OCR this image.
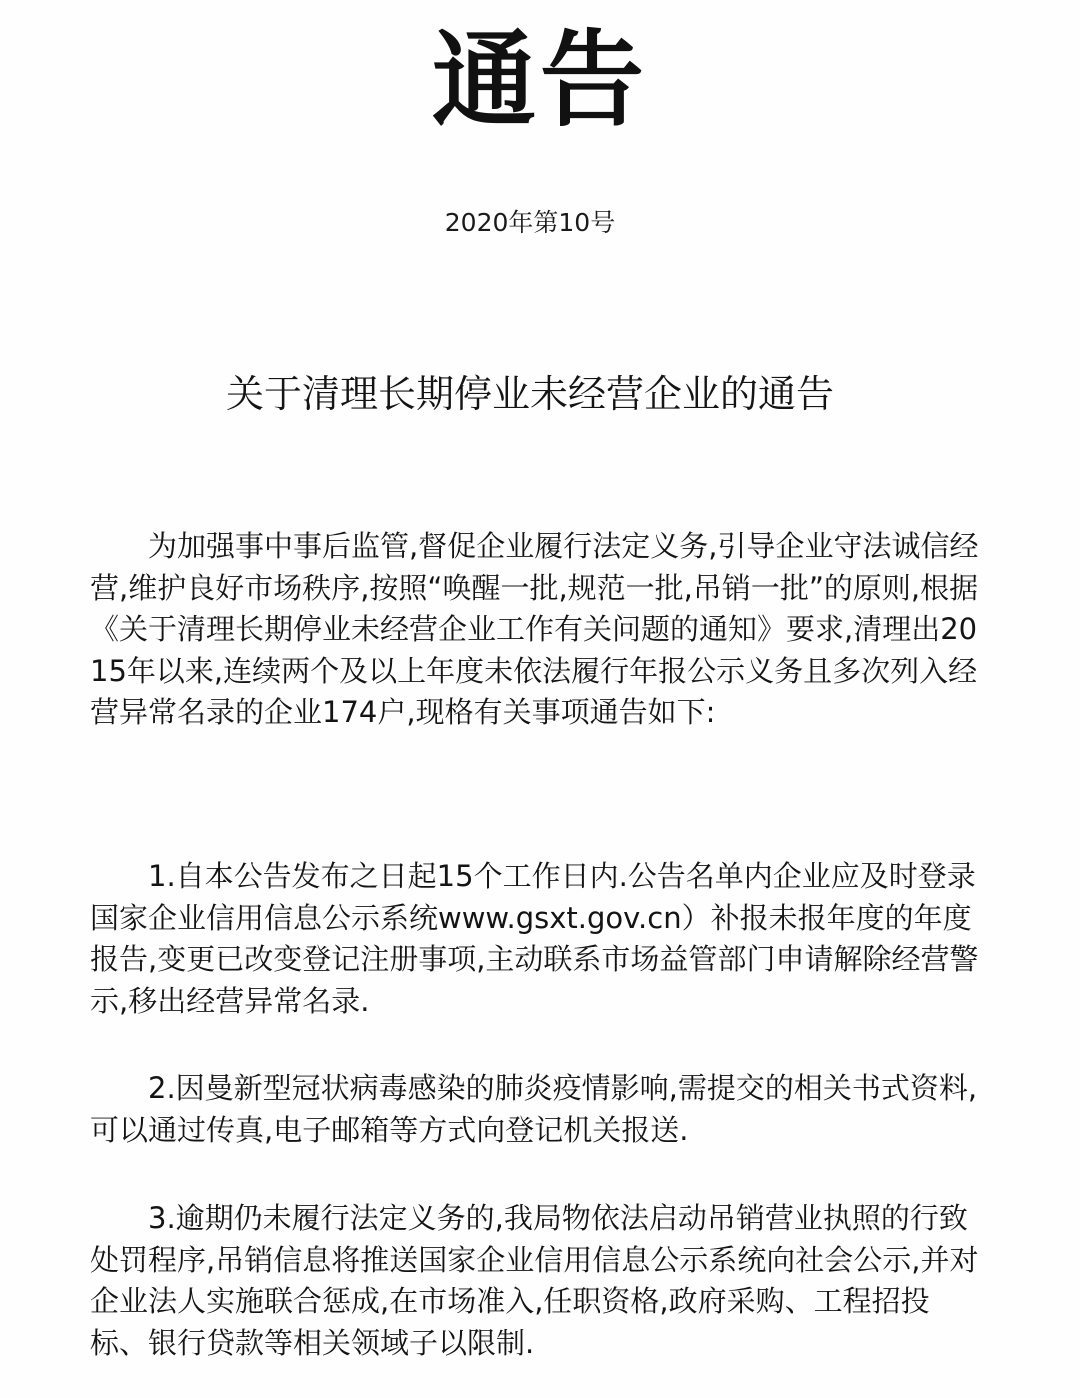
通告
2020年第10号
关于清理长期停业未经营企业的通告
为加强事中事后监管,督促企业履行法定义务,引导企业守法诚信经营,维护良好市场秩序,按照“唤醒一批,规范一批,吊销一批”的原则,根据《关于清理长期停业未经营企业工作有关问题的通知》要求,清理出2015年以来,连续两个及以上年度未依法履行年报公示义务且多次列入经营异常名录的企业174户,现格有关事项通告如下:
1.自本公告发布之日起15个工作日内.公告名单内企业应及时登录国家企业信用信息公示系统www.gsxt.gov.cn）补报未报年度的年度报告,变更已改变登记注册事项,主动联系市场益管部门申请解除经营警示,移出经营异常名录.
2.因曼新型冠状病毒感染的肺炎疫情影响,需提交的相关书式资料,可以通过传真,电子邮箱等方式向登记机关报送.
3.逾期仍未履行法定义务的,我局物依法启动吊销营业执照的行致处罚程序,吊销信息将推送国家企业信用信息公示系统向社会公示,并对企业法人实施联合惩成,在市场准入,任职资格,政府采购、工程招投标、银行贷款等相关领域子以限制.
